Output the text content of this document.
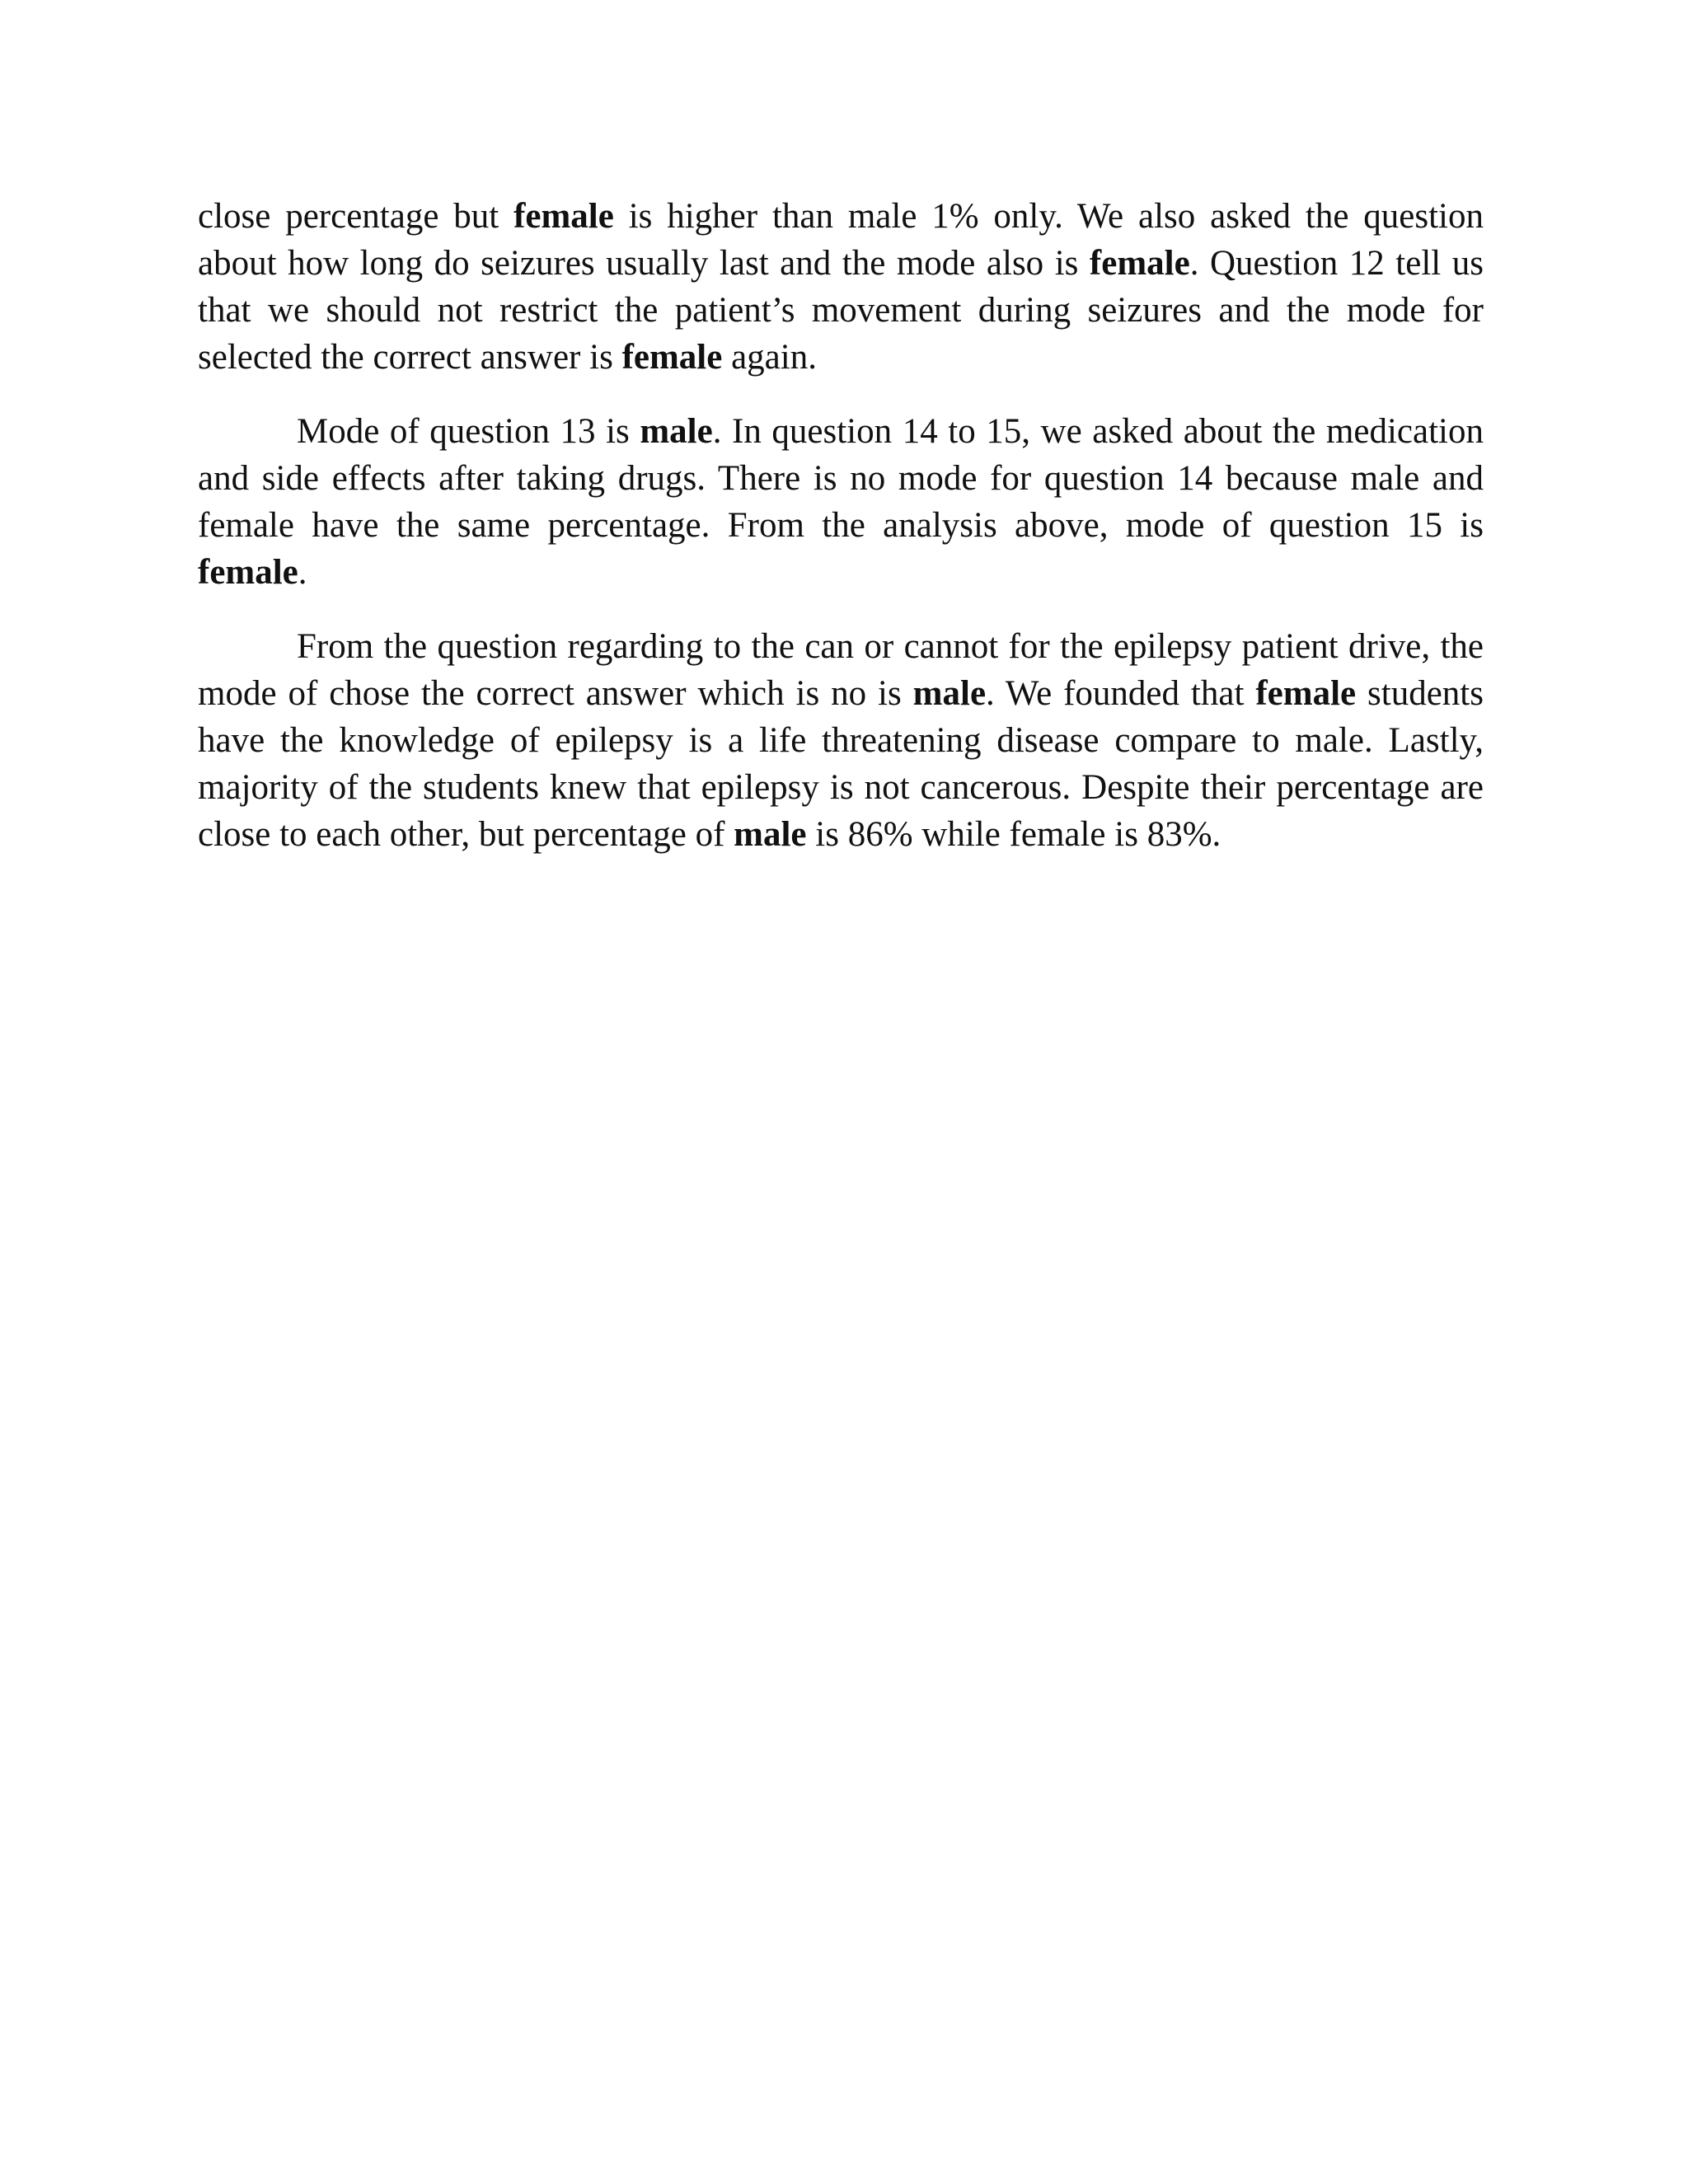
close percentage but female is higher than male 1% only. We also asked the question about how long do seizures usually last and the mode also is female. Question 12 tell us that we should not restrict the patient’s movement during seizures and the mode for selected the correct answer is female again.

Mode of question 13 is male. In question 14 to 15, we asked about the medication and side effects after taking drugs. There is no mode for question 14 because male and female have the same percentage. From the analysis above, mode of question 15 is female.

From the question regarding to the can or cannot for the epilepsy patient drive, the mode of chose the correct answer which is no is male. We founded that female students have the knowledge of epilepsy is a life threatening disease compare to male. Lastly, majority of the students knew that epilepsy is not cancerous. Despite their percentage are close to each other, but percentage of male is 86% while female is 83%.
